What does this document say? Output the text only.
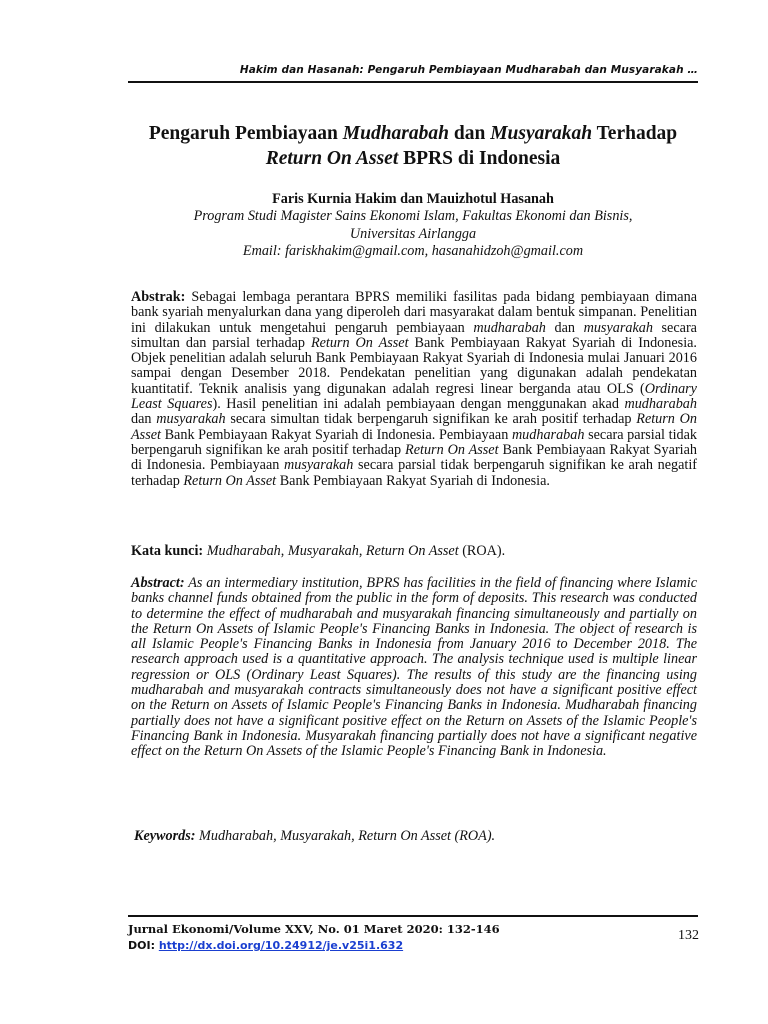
Hakim dan Hasanah: Pengaruh Pembiayaan Mudharabah dan Musyarakah …
Pengaruh Pembiayaan Mudharabah dan Musyarakah Terhadap
Return On Asset BPRS di Indonesia
Faris Kurnia Hakim dan Mauizhotul Hasanah
Program Studi Magister Sains Ekonomi Islam, Fakultas Ekonomi dan Bisnis,
Universitas Airlangga
Email: fariskhakim@gmail.com, hasanahidzoh@gmail.com

Abstrak: Sebagai lembaga perantara BPRS memiliki fasilitas pada bidang pembiayaan dimana bank syariah menyalurkan dana yang diperoleh dari masyarakat dalam bentuk simpanan. Penelitian ini dilakukan untuk mengetahui pengaruh pembiayaan mudharabah dan musyarakah secara simultan dan parsial terhadap Return On Asset Bank Pembiayaan Rakyat Syariah di Indonesia. Objek penelitian adalah seluruh Bank Pembiayaan Rakyat Syariah di Indonesia mulai Januari 2016 sampai dengan Desember 2018. Pendekatan penelitian yang digunakan adalah pendekatan kuantitatif. Teknik analisis yang digunakan adalah regresi linear berganda atau OLS (Ordinary Least Squares). Hasil penelitian ini adalah pembiayaan dengan menggunakan akad mudharabah dan musyarakah secara simultan tidak berpengaruh signifikan ke arah positif terhadap Return On Asset Bank Pembiayaan Rakyat Syariah di Indonesia. Pembiayaan mudharabah secara parsial tidak berpengaruh signifikan ke arah positif terhadap Return On Asset Bank Pembiayaan Rakyat Syariah di Indonesia. Pembiayaan musyarakah secara parsial tidak berpengaruh signifikan ke arah negatif terhadap Return On Asset Bank Pembiayaan Rakyat Syariah di Indonesia.

Kata kunci: Mudharabah, Musyarakah, Return On Asset (ROA).
Abstract: As an intermediary institution, BPRS has facilities in the field of financing where Islamic banks channel funds obtained from the public in the form of deposits. This research was conducted to determine the effect of mudharabah and musyarakah financing simultaneously and partially on the Return On Assets of Islamic People's Financing Banks in Indonesia. The object of research is all Islamic People's Financing Banks in Indonesia from January 2016 to December 2018. The research approach used is a quantitative approach. The analysis technique used is multiple linear regression or OLS (Ordinary Least Squares). The results of this study are the financing using mudharabah and musyarakah contracts simultaneously does not have a significant positive effect on the Return on Assets of Islamic People's Financing Banks in Indonesia. Mudharabah financing partially does not have a significant positive effect on the Return on Assets of the Islamic People's Financing Bank in Indonesia. Musyarakah financing partially does not have a significant negative effect on the Return On Assets of the Islamic People's Financing Bank in Indonesia.
Keywords: Mudharabah, Musyarakah, Return On Asset (ROA).
Jurnal Ekonomi/Volume XXV, No. 01 Maret 2020: 132-146
DOI: http://dx.doi.org/10.24912/je.v25i1.632
132
